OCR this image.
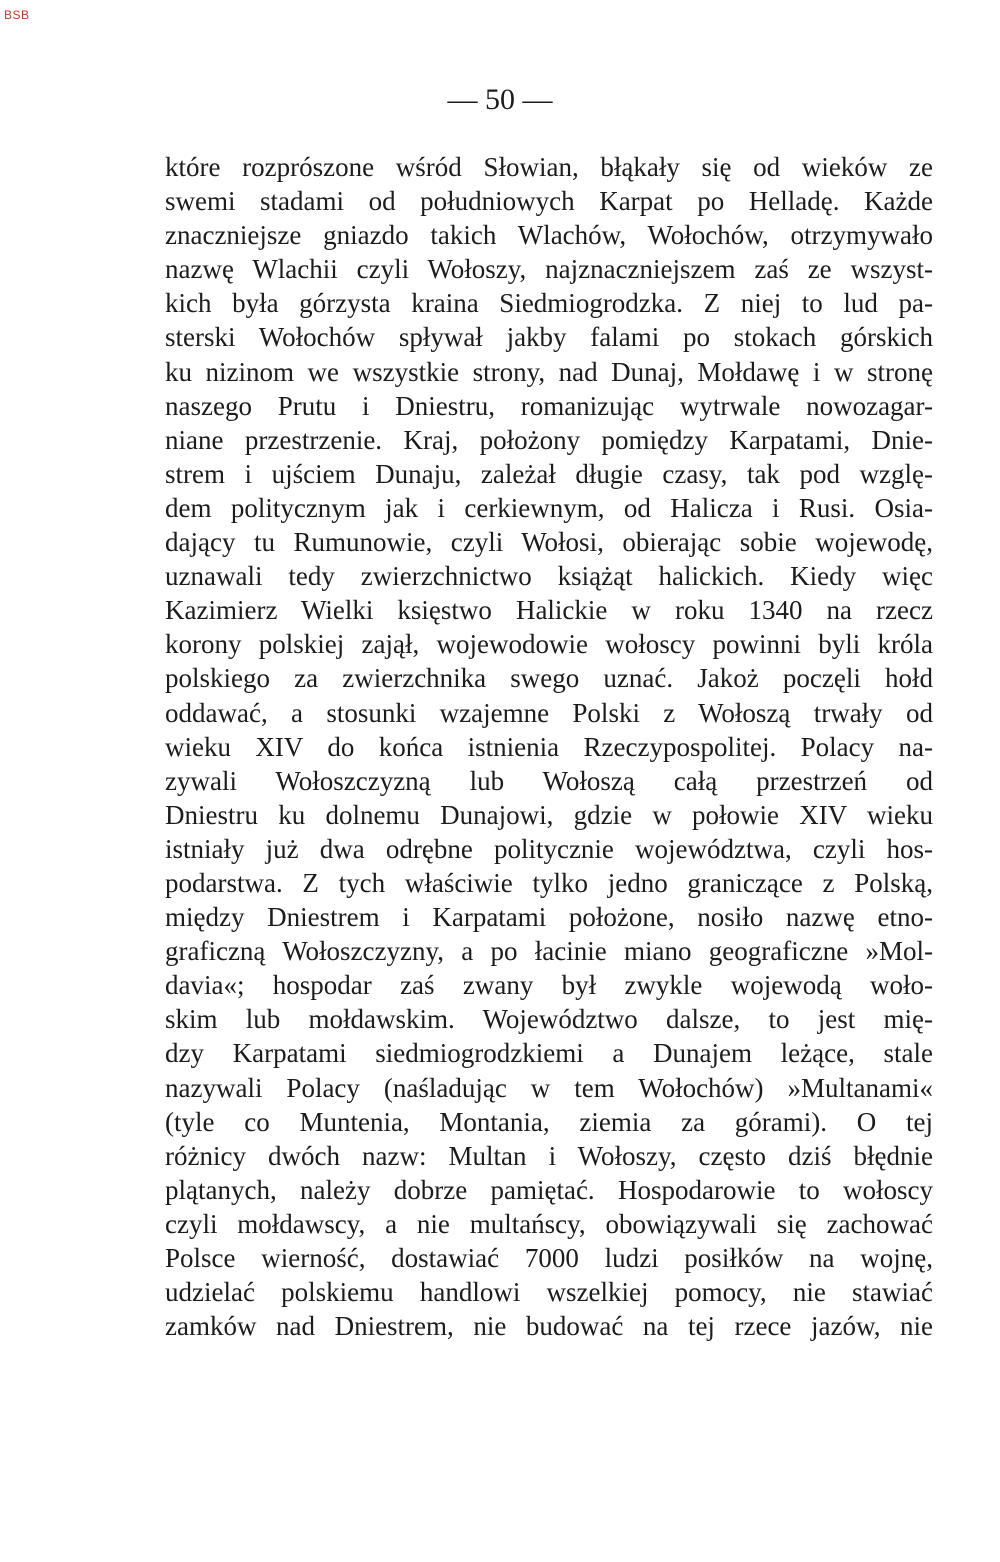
BSB
— 50 —
które rozprószone wśród Słowian, błąkały się od wieków ze
swemi stadami od południowych Karpat po Helladę. Każde
znaczniejsze gniazdo takich Wlachów, Wołochów, otrzymywało
nazwę Wlachii czyli Wołoszy, najznaczniejszem zaś ze wszyst-
kich była górzysta kraina Siedmiogrodzka. Z niej to lud pa-
sterski Wołochów spływał jakby falami po stokach górskich
ku nizinom we wszystkie strony, nad Dunaj, Mołdawę i w stronę
naszego Prutu i Dniestru, romanizując wytrwale nowozagar-
niane przestrzenie. Kraj, położony pomiędzy Karpatami, Dnie-
strem i ujściem Dunaju, zależał długie czasy, tak pod wzglę-
dem politycznym jak i cerkiewnym, od Halicza i Rusi. Osia-
dający tu Rumunowie, czyli Wołosi, obierając sobie wojewodę,
uznawali tedy zwierzchnictwo książąt halickich. Kiedy więc
Kazimierz Wielki księstwo Halickie w roku 1340 na rzecz
korony polskiej zajął, wojewodowie wołoscy powinni byli króla
polskiego za zwierzchnika swego uznać. Jakoż poczęli hołd
oddawać, a stosunki wzajemne Polski z Wołoszą trwały od
wieku XIV do końca istnienia Rzeczypospolitej. Polacy na-
zywali Wołoszczyzną lub Wołoszą całą przestrzeń od
Dniestru ku dolnemu Dunajowi, gdzie w połowie XIV wieku
istniały już dwa odrębne politycznie województwa, czyli hos-
podarstwa. Z tych właściwie tylko jedno graniczące z Polską,
między Dniestrem i Karpatami położone, nosiło nazwę etno-
graficzną Wołoszczyzny, a po łacinie miano geograficzne »Mol-
davia«; hospodar zaś zwany był zwykle wojewodą woło-
skim lub mołdawskim. Województwo dalsze, to jest mię-
dzy Karpatami siedmiogrodzkiemi a Dunajem leżące, stale
nazywali Polacy (naśladując w tem Wołochów) »Multanami«
(tyle co Muntenia, Montania, ziemia za górami). O tej
różnicy dwóch nazw: Multan i Wołoszy, często dziś błędnie
plątanych, należy dobrze pamiętać. Hospodarowie to wołoscy
czyli mołdawscy, a nie multańscy, obowiązywali się zachować
Polsce wierność, dostawiać 7000 ludzi posiłków na wojnę,
udzielać polskiemu handlowi wszelkiej pomocy, nie stawiać
zamków nad Dniestrem, nie budować na tej rzece jazów, nie
